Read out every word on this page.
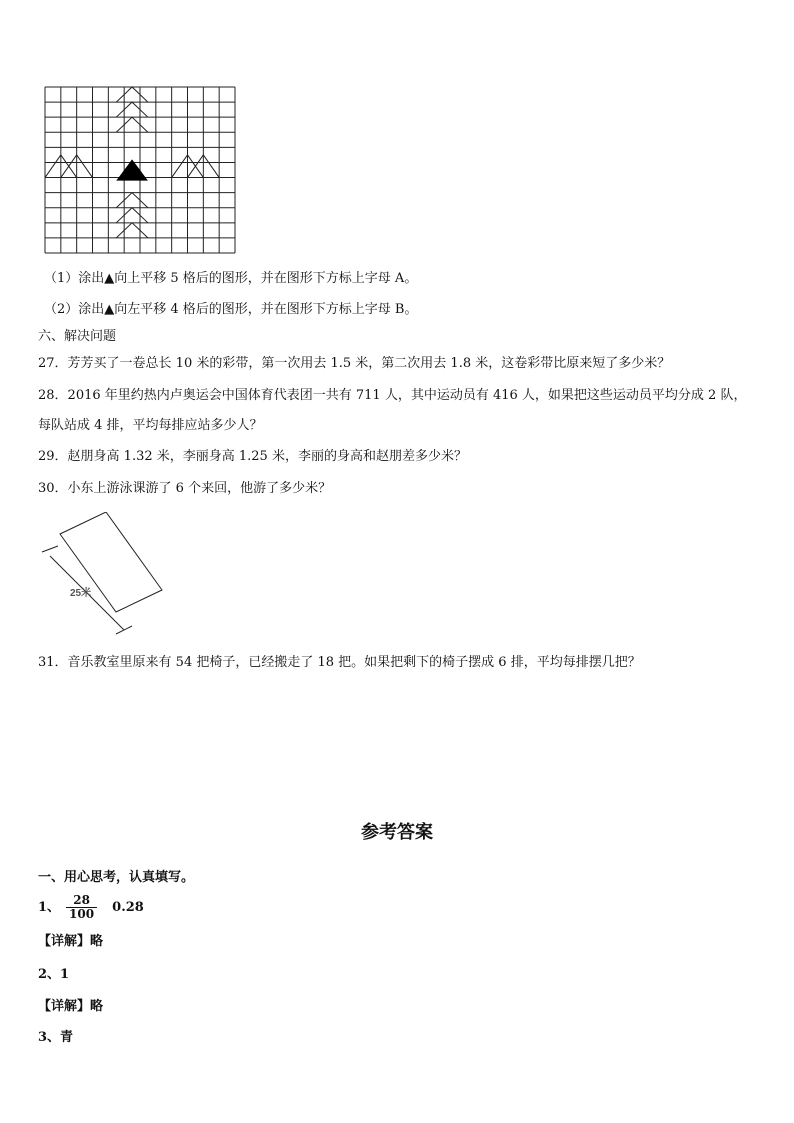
（1）涂出▲向上平移 5 格后的图形，并在图形下方标上字母 A。
（2）涂出▲向左平移 4 格后的图形，并在图形下方标上字母 B。
六、解决问题
27．芳芳买了一卷总长 10 米的彩带，第一次用去 1.5 米，第二次用去 1.8 米，这卷彩带比原来短了多少米？
28．2016 年里约热内卢奥运会中国体育代表团一共有 711 人，其中运动员有 416 人，如果把这些运动员平均分成 2 队，
每队站成 4 排，平均每排应站多少人？
29．赵朋身高 1.32 米，李丽身高 1.25 米，李丽的身高和赵朋差多少米？
30．小东上游泳课游了 6 个来回，他游了多少米？
25米
31．音乐教室里原来有 54 把椅子，已经搬走了 18 把。如果把剩下的椅子摆成 6 排，平均每排摆几把？
参考答案
一、用心思考，认真填写。
1、 $\frac{28}{100} 0.28$
【详解】略
2、1
【详解】略
3、青
